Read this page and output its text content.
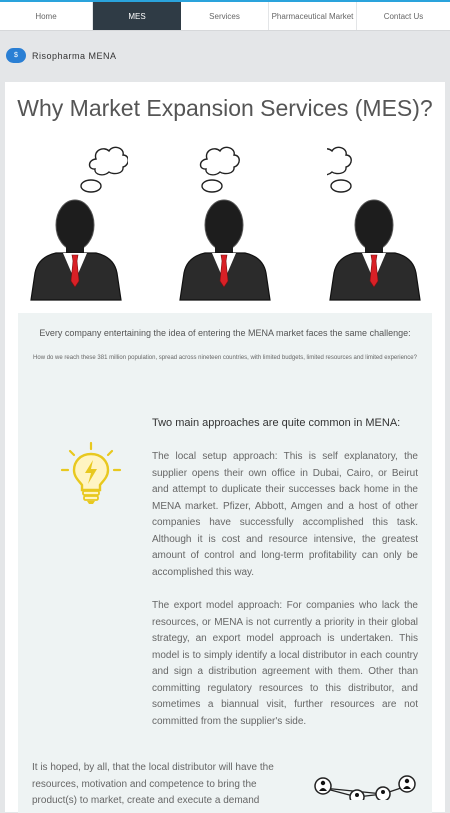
Home	MES	Services	Pharmaceutical Market	Contact Us
$	Risopharma MENA
Why Market Expansion Services (MES)?
Every company entertaining the idea of entering the MENA market faces the same challenge:
How do we reach these 381 million population, spread across nineteen countries, with limited budgets, limited resources and limited experience?
Two main approaches are quite common in MENA:
The local setup approach: This is self explanatory, the supplier opens their own office in Dubai, Cairo, or Beirut and attempt to duplicate their successes back home in the MENA market. Pfizer, Abbott, Amgen and a host of other companies have successfully accomplished this task. Although it is cost and resource intensive, the greatest amount of control and long-term profitability can only be accomplished this way.
The export model approach: For companies who lack the resources, or MENA is not currently a priority in their global strategy, an export model approach is undertaken. This model is to simply identify a local distributor in each country and sign a distribution agreement with them. Other than committing regulatory resources to this distributor, and sometimes a biannual visit, further resources are not committed from the supplier's side.
It is hoped, by all, that the local distributor will have the resources, motivation and competence to bring the product(s) to market, create and execute a demand
